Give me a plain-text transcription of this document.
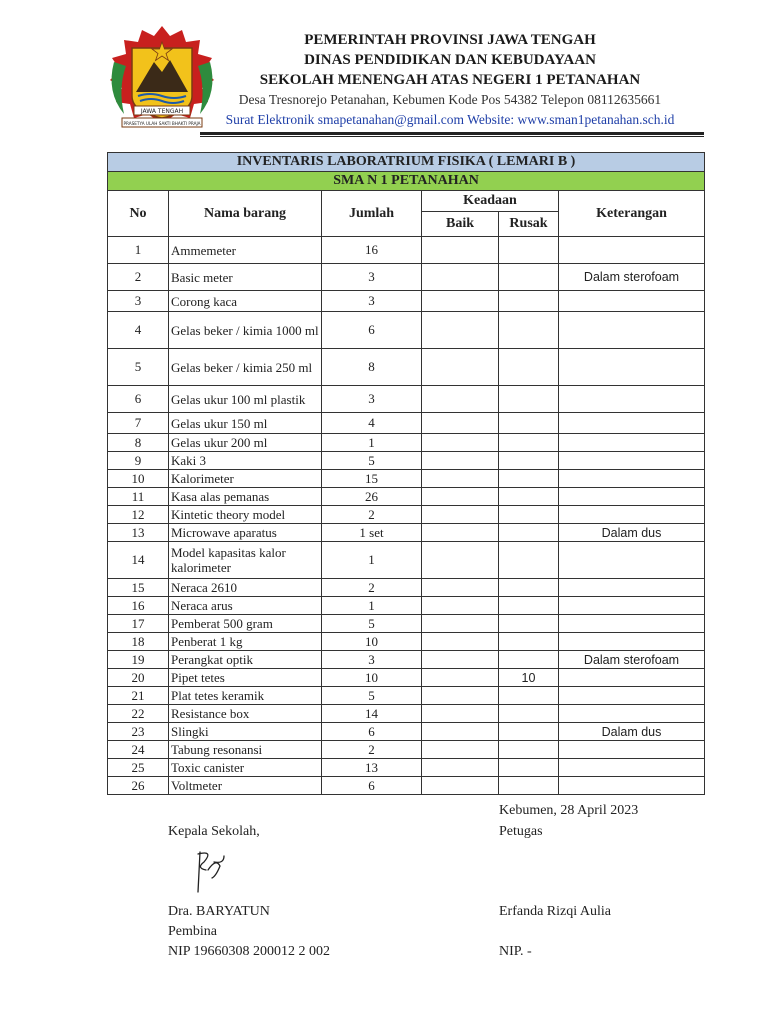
JAWA TENGAH
PRASETYA ULAH SAKTI BHAKTI PRAJA
PEMERINTAH PROVINSI JAWA TENGAH
DINAS PENDIDIKAN DAN KEBUDAYAAN
SEKOLAH MENENGAH ATAS NEGERI 1 PETANAHAN
Desa Tresnorejo Petanahan, Kebumen Kode Pos 54382 Telepon 08112635661
Surat Elektronik smapetanahan@gmail.com Website: www.sman1petanahan.sch.id
INVENTARIS LABORATRIUM FISIKA ( LEMARI B )					
SMA N 1 PETANAHAN					
No	Nama barang	Jumlah	Keadaan		Keterangan
			Baik	Rusak	
1	Ammemeter	16			
2	Basic meter	3			Dalam sterofoam
3	Corong kaca	3			
4	Gelas beker / kimia 1000 ml	6			
5	Gelas beker / kimia 250 ml	8			
6	Gelas ukur 100 ml plastik	3			
7	Gelas ukur 150 ml	4			
8	Gelas ukur 200 ml	1			
9	Kaki 3	5			
10	Kalorimeter	15			
11	Kasa alas pemanas	26			
12	Kintetic theory model	2			
13	Microwave aparatus	1 set			Dalam dus
14	Model kapasitas kalor kalorimeter	1			
15	Neraca 2610	2			
16	Neraca arus	1			
17	Pemberat 500 gram	5			
18	Penberat 1 kg	10			
19	Perangkat optik	3			Dalam sterofoam
20	Pipet tetes	10		10	
21	Plat tetes keramik	5			
22	Resistance box	14			
23	Slingki	6			Dalam dus
24	Tabung resonansi	2			
25	Toxic canister	13			
26	Voltmeter	6			
Kebumen, 28 April 2023
Kepala Sekolah,	Petugas
Dra. BARYATUN
Pembina
NIP 19660308 200012 2 002
Erfanda Rizqi Aulia
NIP. -
